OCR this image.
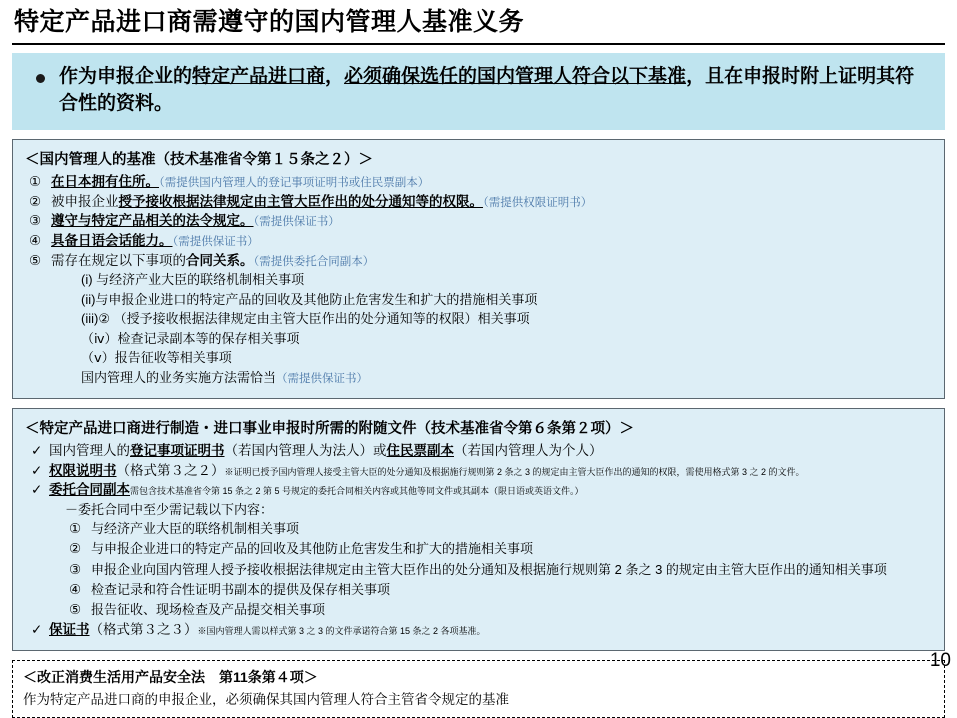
特定产品进口商需遵守的国内管理人基准义务
作为申报企业的特定产品进口商，必须确保选任的国内管理人符合以下基准，且在申报时附上证明其符合性的资料。
＜国内管理人的基准（技术基准省令第１５条之２）＞
① 在日本拥有住所。（需提供国内管理人的登记事项证明书或住民票副本）
② 被申报企业授予接收根据法律规定由主管大臣作出的处分通知等的权限。（需提供权限证明书）
③ 遵守与特定产品相关的法令规定。（需提供保证书）
④ 具备日语会话能力。（需提供保证书）
⑤ 需存在规定以下事项的合同关系。（需提供委托合同副本）
(i) 与经济产业大臣的联络机制相关事项
(ii)与申报企业进口的特定产品的回收及其他防止危害发生和扩大的措施相关事项
(iii)② （授予接收根据法律规定由主管大臣作出的处分通知等的权限）相关事项
（ⅳ）检查记录副本等的保存相关事项
（ⅴ）报告征收等相关事项
国内管理人的业务实施方法需恰当（需提供保证书）
＜特定产品进口商进行制造・进口事业申报时所需的附随文件（技术基准省令第６条第２项）＞
✓ 国内管理人的登记事项证明书（若国内管理人为法人）或住民票副本（若国内管理人为个人）
✓ 权限说明书（格式第３之２）※证明已授予国内管理人接受主管大臣的处分通知及根据施行规则第 2 条之 3 的规定由主管大臣作出的通知的权限，需使用格式第 3 之 2 的文件。
✓ 委托合同副本需包含技术基准省令第 15 条之 2 第 5 号规定的委托合同相关内容或其他等同文件或其副本（限日语或英语文件。）
－委托合同中至少需记载以下内容：
① 与经济产业大臣的联络机制相关事项
② 与申报企业进口的特定产品的回收及其他防止危害发生和扩大的措施相关事项
③ 申报企业向国内管理人授予接收根据法律规定由主管大臣作出的处分通知及根据施行规则第 2 条之 3 的规定由主管大臣作出的通知相关事项
④ 检查记录和符合性证明书副本的提供及保存相关事项
⑤ 报告征收、现场检查及产品提交相关事项
✓ 保证书（格式第３之３）※国内管理人需以样式第 3 之 3 的文件承诺符合第 15 条之 2 各项基准。
＜改正消费生活用产品安全法　第11条第４项＞
作为特定产品进口商的申报企业，必须确保其国内管理人符合主管省令规定的基准
10
